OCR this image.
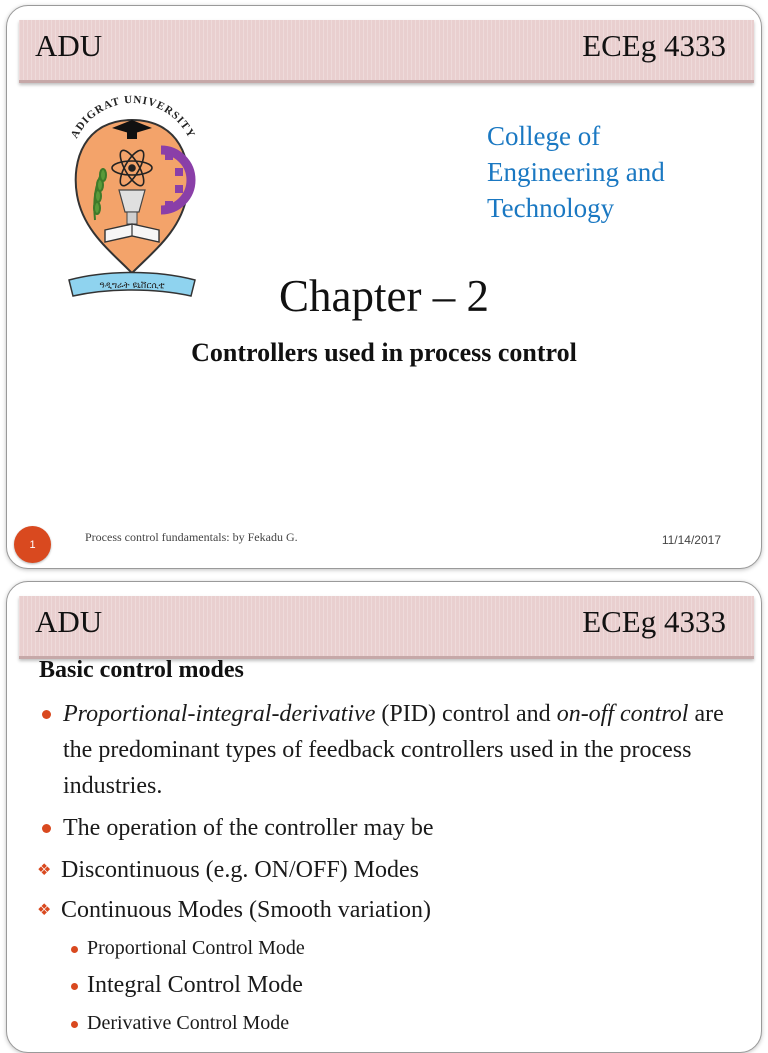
ADU	ECEg 4333
ADIGRAT UNIVERSITY
ዓዲግራት ዩኒቨርሲቲ
College of
Engineering and
Technology
Chapter – 2
Controllers used in process control
1
Process control fundamentals: by Fekadu G.	11/14/2017
ADU	ECEg 4333
Basic control modes
Proportional-integral-derivative (PID) control and on-off control are the predominant types of feedback controllers used in the process industries.
The operation of the controller may be
❖ Discontinuous (e.g. ON/OFF) Modes
❖ Continuous Modes (Smooth variation)
Proportional Control Mode
Integral Control Mode
Derivative Control Mode
